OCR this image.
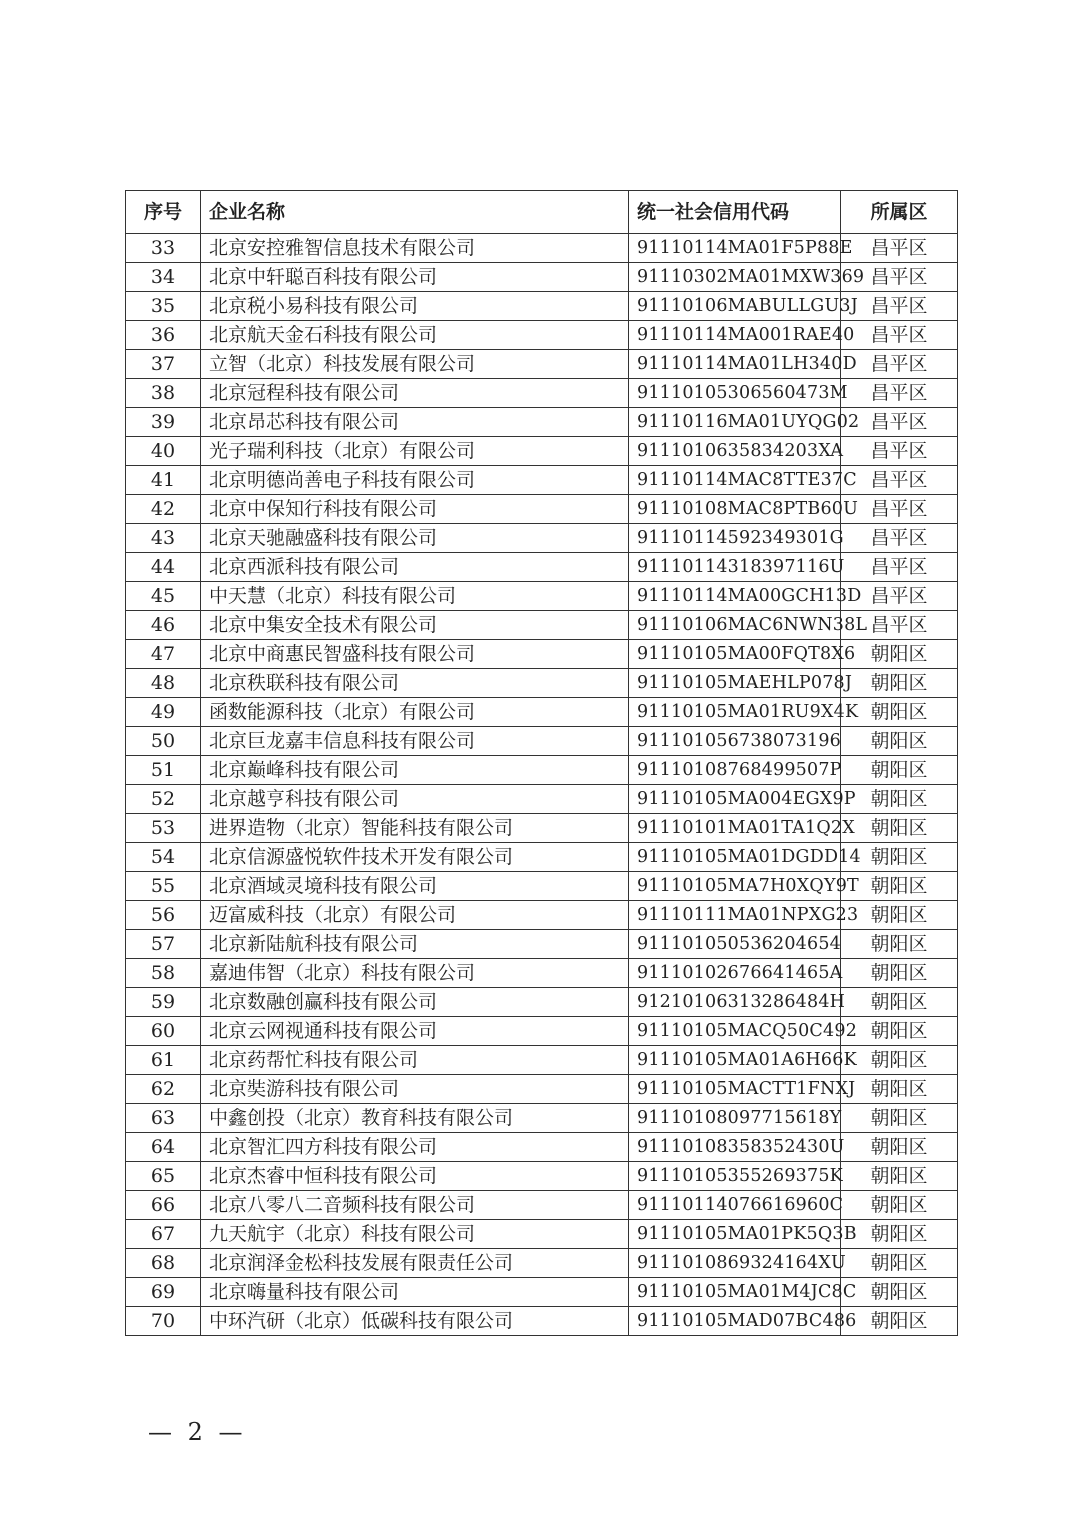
序号	企业名称	统一社会信用代码	所属区
33	北京安控雅智信息技术有限公司	91110114MA01F5P88E	昌平区
34	北京中轩聪百科技有限公司	91110302MA01MXW369	昌平区
35	北京税小易科技有限公司	91110106MABULLGU3J	昌平区
36	北京航天金石科技有限公司	91110114MA001RAE40	昌平区
37	立智（北京）科技发展有限公司	91110114MA01LH340D	昌平区
38	北京冠程科技有限公司	9111010530656047​3M	昌平区
39	北京昂芯科技有限公司	91110116MA01UYQG02	昌平区
40	光子瑞利科技（北京）有限公司	9111010635834203XA	昌平区
41	北京明德尚善电子科技有限公司	91110114MAC8TTE37C	昌平区
42	北京中保知行科技有限公司	91110108MAC8PTB60U	昌平区
43	北京天驰融盛科技有限公司	91110114592349301G	昌平区
44	北京西派科技有限公司	91110114318397116U	昌平区
45	中天慧（北京）科技有限公司	91110114MA00GCH13D	昌平区
46	北京中集安全技术有限公司	91110106MAC6NWN38L	昌平区
47	北京中商惠民智盛科技有限公司	91110105MA00FQT8X6	朝阳区
48	北京秩联科技有限公司	91110105MAEHLP078J	朝阳区
49	函数能源科技（北京）有限公司	91110105MA01RU9X4K	朝阳区
50	北京巨龙嘉丰信息科技有限公司	911101056738073196	朝阳区
51	北京巅峰科技有限公司	91110108768499507P	朝阳区
52	北京越亨科技有限公司	91110105MA004EGX9P	朝阳区
53	进界造物（北京）智能科技有限公司	91110101MA01TA1Q2X	朝阳区
54	北京信源盛悦软件技术开发有限公司	91110105MA01DGDD14	朝阳区
55	北京酒域灵境科技有限公司	91110105MA7H0XQY9T	朝阳区
56	迈富威科技（北京）有限公司	91110111MA01NPXG23	朝阳区
57	北京新陆航科技有限公司	911101050536204654	朝阳区
58	嘉迪伟智（北京）科技有限公司	91110102676641465A	朝阳区
59	北京数融创赢科技有限公司	91210106313286484H	朝阳区
60	北京云网视通科技有限公司	91110105MACQ50C492	朝阳区
61	北京药帮忙科技有限公司	91110105MA01A6H66K	朝阳区
62	北京奘游科技有限公司	91110105MACTT1FNXJ	朝阳区
63	中鑫创投（北京）教育科技有限公司	91110108097715618Y	朝阳区
64	北京智汇四方科技有限公司	91110108358352430U	朝阳区
65	北京杰睿中恒科技有限公司	91110105355269375K	朝阳区
66	北京八零八二音频科技有限公司	91110114076616960C	朝阳区
67	九天航宇（北京）科技有限公司	91110105MA01PK5Q3B	朝阳区
68	北京润泽金松科技发展有限责任公司	91110108693241​64XU	朝阳区
69	北京嗨量科技有限公司	91110105MA01M4JC8C	朝阳区
70	中环汽研（北京）低碳科技有限公司	91110105MAD07BC486	朝阳区
— 2 —
